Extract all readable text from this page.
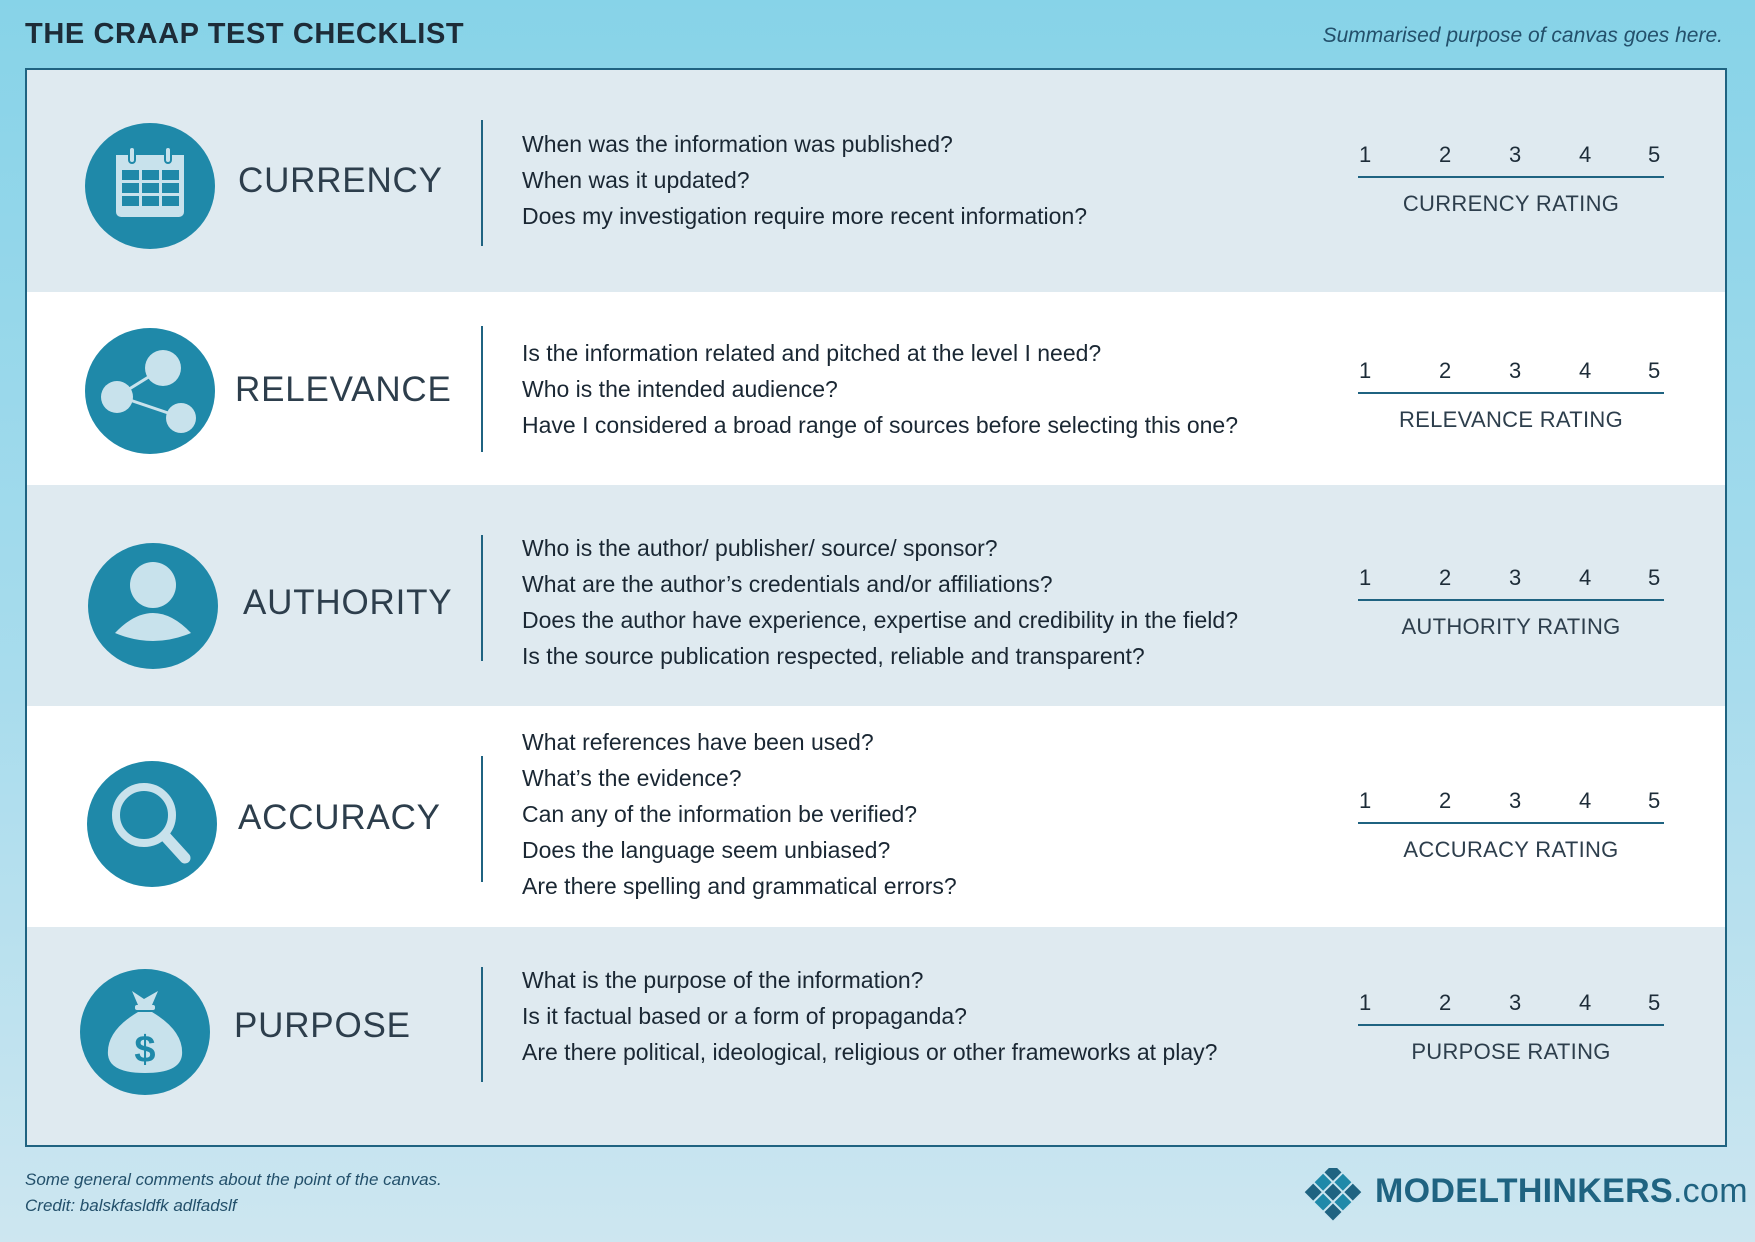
THE CRAAP TEST CHECKLIST	Summarised purpose of canvas goes here.
CURRENCY
When was the information was published?
When was it updated?
Does my investigation require more recent information?
1	2	3	4	5
CURRENCY RATING
RELEVANCE
Is the information related and pitched at the level I need?
Who is the intended audience?
Have I considered a broad range of sources before selecting this one?
1	2	3	4	5
RELEVANCE RATING
AUTHORITY
Who is the author/ publisher/ source/ sponsor?
What are the author’s credentials and/or affiliations?
Does the author have experience, expertise and credibility in the field?
Is the source publication respected, reliable and transparent?
1	2	3	4	5
AUTHORITY RATING
ACCURACY
What references have been used?
What’s the evidence?
Can any of the information be verified?
Does the language seem unbiased?
Are there spelling and grammatical errors?
1	2	3	4	5
ACCURACY RATING
$
PURPOSE
What is the purpose of the information?
Is it factual based or a form of propaganda?
Are there political, ideological, religious or other frameworks at play?
1	2	3	4	5
PURPOSE RATING
Some general comments about the point of the canvas.
Credit: balskfasldfk adlfadslf	MODELTHINKERS.com
